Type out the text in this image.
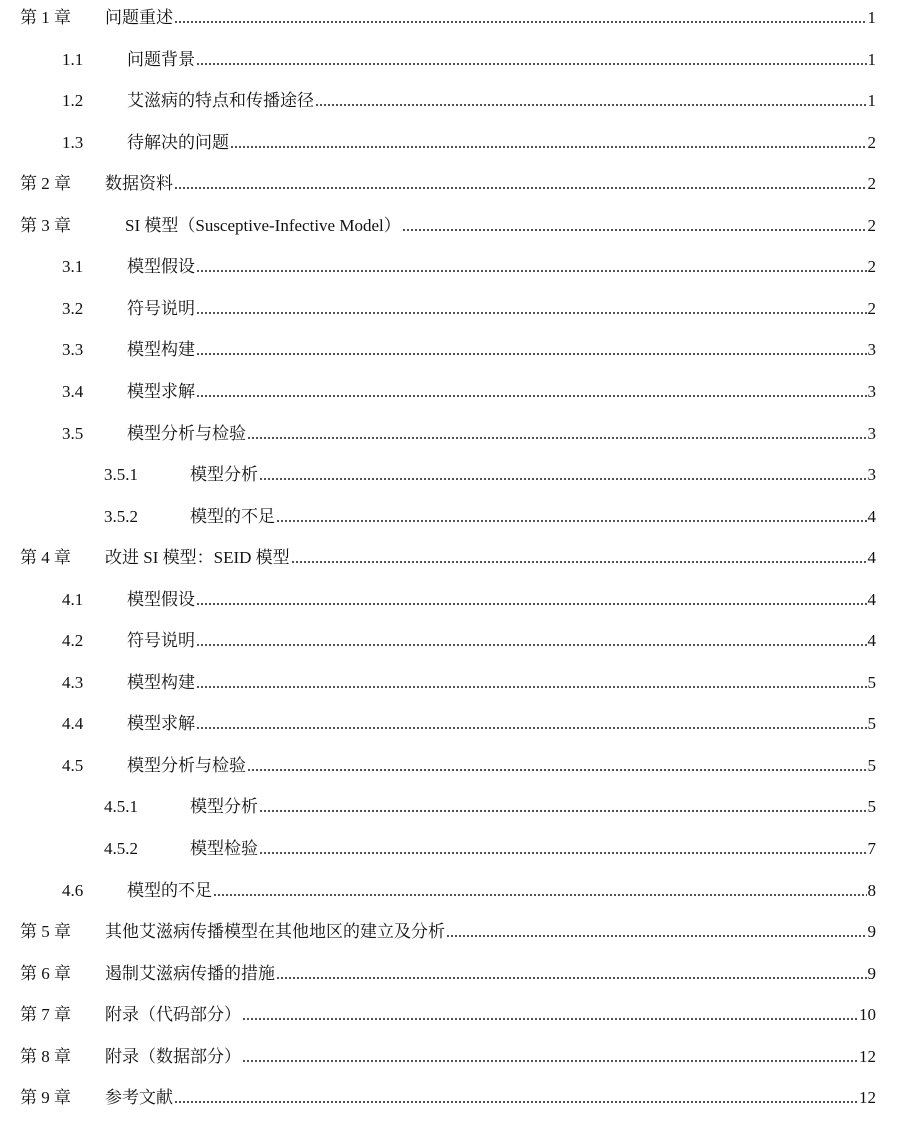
第 1 章	问题重述	1
1.1	问题背景	1
1.2	艾滋病的特点和传播途径	1
1.3	待解决的问题	2
第 2 章	数据资料	2
第 3 章	SI 模型（Susceptive-Infective Model）	2
3.1	模型假设	2
3.2	符号说明	2
3.3	模型构建	3
3.4	模型求解	3
3.5	模型分析与检验	3
3.5.1	模型分析	3
3.5.2	模型的不足	4
第 4 章	改进 SI 模型：SEID 模型	4
4.1	模型假设	4
4.2	符号说明	4
4.3	模型构建	5
4.4	模型求解	5
4.5	模型分析与检验	5
4.5.1	模型分析	5
4.5.2	模型检验	7
4.6	模型的不足	8
第 5 章	其他艾滋病传播模型在其他地区的建立及分析	9
第 6 章	遏制艾滋病传播的措施	9
第 7 章	附录（代码部分）	10
第 8 章	附录（数据部分）	12
第 9 章	参考文献	12
